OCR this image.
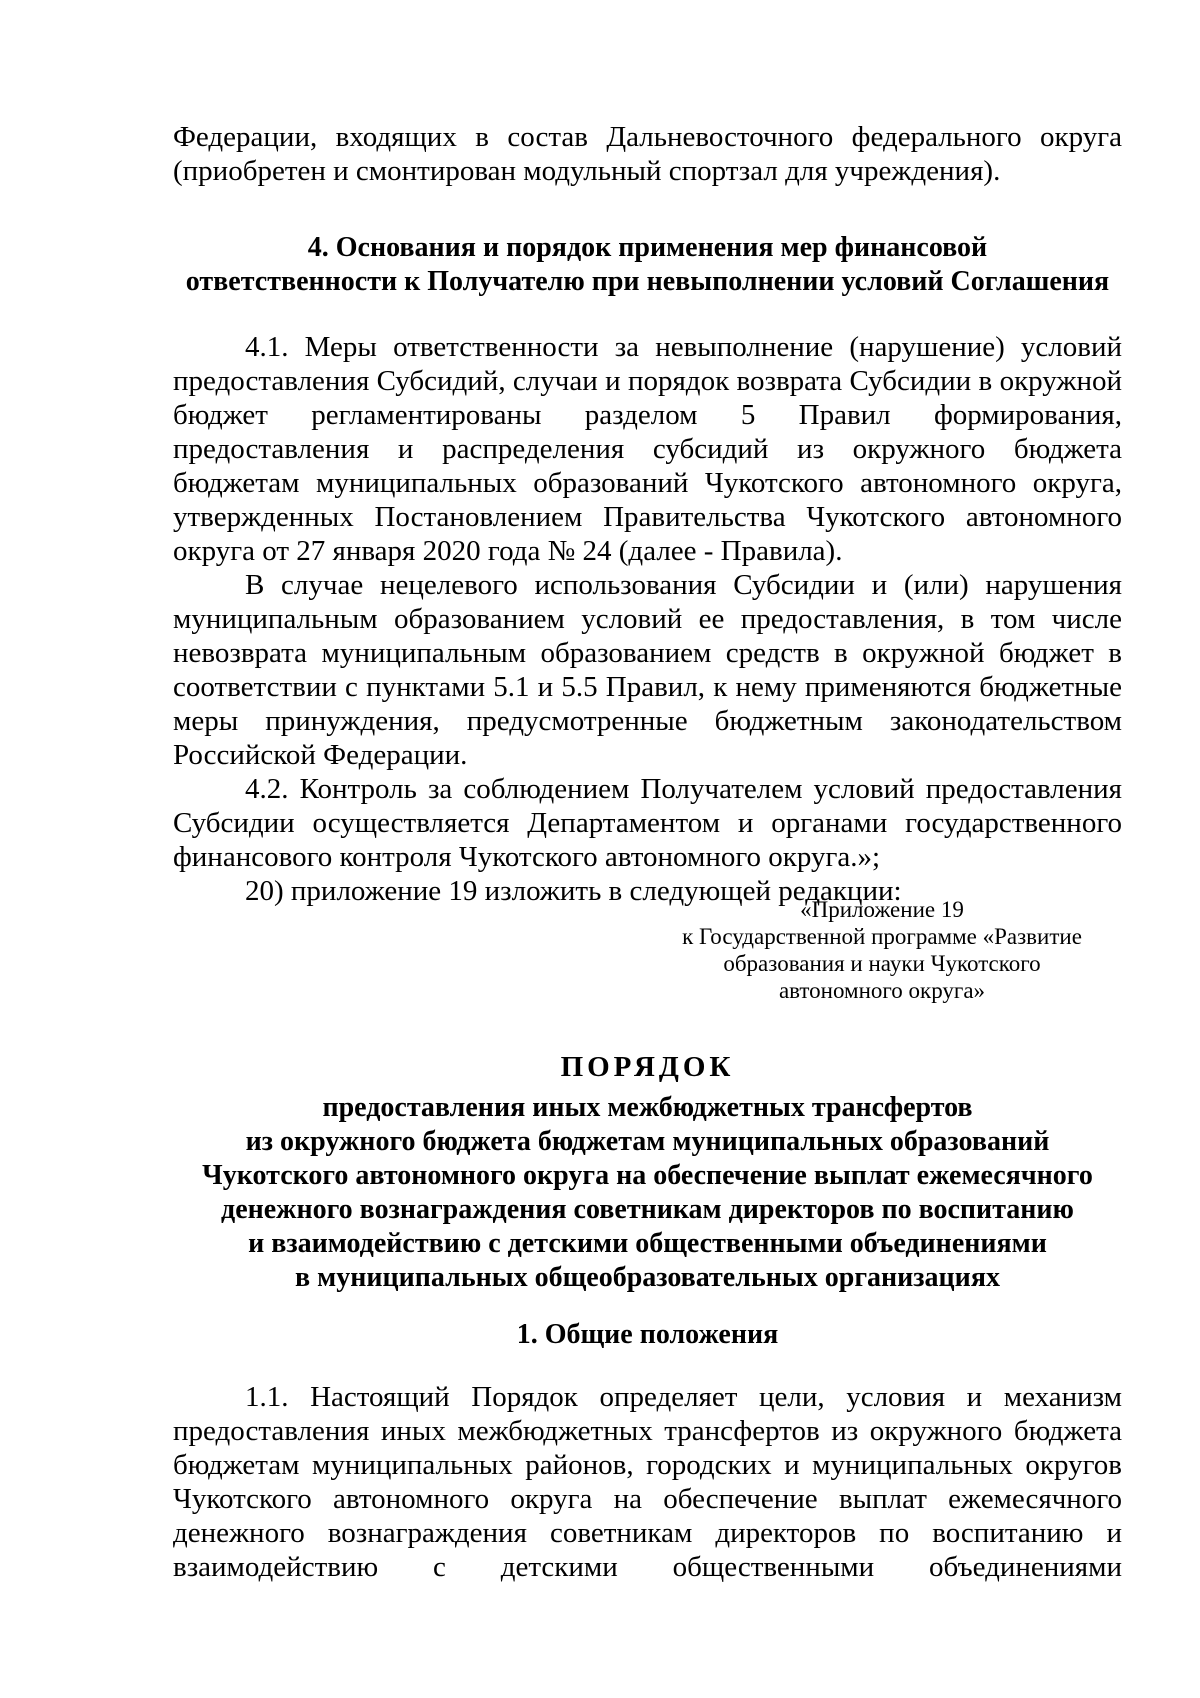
Федерации, входящих в состав Дальневосточного федерального округа (приобретен и смонтирован модульный спортзал для учреждения).

4. Основания и порядок применения мер финансовой
ответственности к Получателю при невыполнении условий Соглашения

4.1. Меры ответственности за невыполнение (нарушение) условий предоставления Субсидий, случаи и порядок возврата Субсидии в окружной бюджет регламентированы разделом 5 Правил формирования, предоставления и распределения субсидий из окружного бюджета бюджетам муниципальных образований Чукотского автономного округа, утвержденных Постановлением Правительства Чукотского автономного округа от 27 января 2020 года № 24 (далее - Правила).

В случае нецелевого использования Субсидии и (или) нарушения муниципальным образованием условий ее предоставления, в том числе невозврата муниципальным образованием средств в окружной бюджет в соответствии с пунктами 5.1 и 5.5 Правил, к нему применяются бюджетные меры принуждения, предусмотренные бюджетным законодательством Российской Федерации.

4.2. Контроль за соблюдением Получателем условий предоставления Субсидии осуществляется Департаментом и органами государственного финансового контроля Чукотского автономного округа.»;

20) приложение 19 изложить в следующей редакции:

«Приложение 19
к Государственной программе «Развитие
образования и науки Чукотского
автономного округа»
ПОРЯДОК
предоставления иных межбюджетных трансфертов
из окружного бюджета бюджетам муниципальных образований
Чукотского автономного округа на обеспечение выплат ежемесячного
денежного вознаграждения советникам директоров по воспитанию
и взаимодействию с детскими общественными объединениями
в муниципальных общеобразовательных организациях
1. Общие положения

1.1. Настоящий Порядок определяет цели, условия и механизм предоставления иных межбюджетных трансфертов из окружного бюджета бюджетам муниципальных районов, городских и муниципальных округов Чукотского автономного округа на обеспечение выплат ежемесячного денежного вознаграждения советникам директоров по воспитанию и взаимодействию с детскими общественными объединениями
